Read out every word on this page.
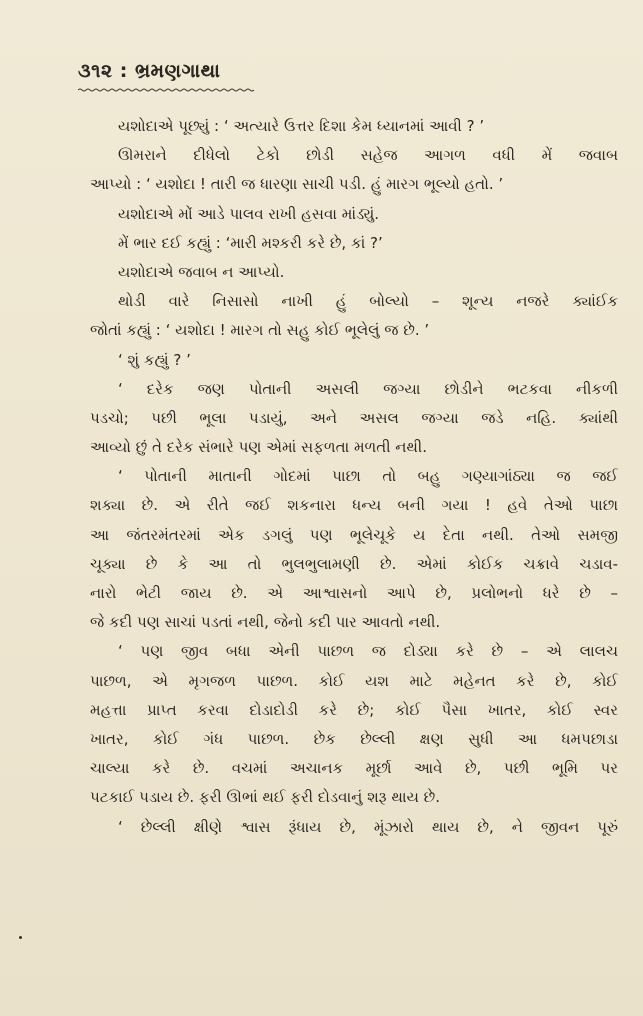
૩૧૨ : ભ્રમણગાથા
યશોદાએ પૂછ્યું : ‘ અત્યારે ઉત્તર દિશા કેમ ધ્યાનમાં આવી ? ’
ઊમરાને દીધેલો ટેકો છોડી સહેજ આગળ વધી મેં જવાબ
આપ્યો : ‘ યશોદા ! તારી જ ધારણા સાચી પડી. હું મારગ ભૂલ્યો હતો. ’
યશોદાએ મોં આડે પાલવ રાખી હસવા માંડ્યું.
મેં ભાર દઈ કહ્યું : ‘મારી મશ્કરી કરે છે, કાં ?’
યશોદાએ જવાબ ન આપ્યો.
થોડી વારે નિસાસો નાખી હું બોલ્યો – શૂન્ય નજરે ક્યાંઈક
જોતાં કહ્યું : ‘ યશોદા ! મારગ તો સહુ કોઈ ભૂલેલું જ છે. ’
‘ શું કહ્યું ? ’
‘ દરેક જણ પોતાની અસલી જગ્યા છોડીને ભટકવા નીકળી
પડચો; પછી ભૂલા પડાયું, અને અસલ જગ્યા જડે નહિ. ક્યાંથી
આવ્યો છું તે દરેક સંભારે પણ એમાં સફળતા મળતી નથી.
‘ પોતાની માતાની ગોદમાં પાછા તો બહુ ગણ્યાગાંઠ્યા જ જઈ
શક્યા છે. એ રીતે જઈ શકનારા ધન્ય બની ગયા ! હવે તેઓ પાછા
આ જંતરમંતરમાં એક ડગલું પણ ભૂલેચૂકે ય દેતા નથી. તેઓ સમજી
ચૂક્યા છે કે આ તો ભુલભુલામણી છે. એમાં કોઈક ચક્રાવે ચડાવ-
નારો ભેટી જાય છે. એ આશ્વાસનો આપે છે, પ્રલોભનો ધરે છે –
જે કદી પણ સાચાં પડતાં નથી, જેનો કદી પાર આવતો નથી.
‘ પણ જીવ બધા એની પાછળ જ દોડ્યા કરે છે – એ લાલચ
પાછળ, એ મૃગજળ પાછળ. કોઈ યશ માટે મહેનત કરે છે, કોઈ
મહત્તા પ્રાપ્ત કરવા દોડાદોડી કરે છે; કોઈ પૈસા ખાતર, કોઈ સ્વર
ખાતર, કોઈ ગંધ પાછળ. છેક છેલ્લી ક્ષણ સુધી આ ધમપછાડા
ચાલ્યા કરે છે. વચમાં અચાનક મૂર્છા આવે છે, પછી ભૂમિ પર
પટકાઈ પડાય છે. ફરી ઊભાં થઈ ફરી દોડવાનું શરૂ થાય છે.
‘ છેલ્લી ક્ષીણે શ્વાસ રૂંધાય છે, મૂંઝારો થાય છે, ને જીવન પૂરું
